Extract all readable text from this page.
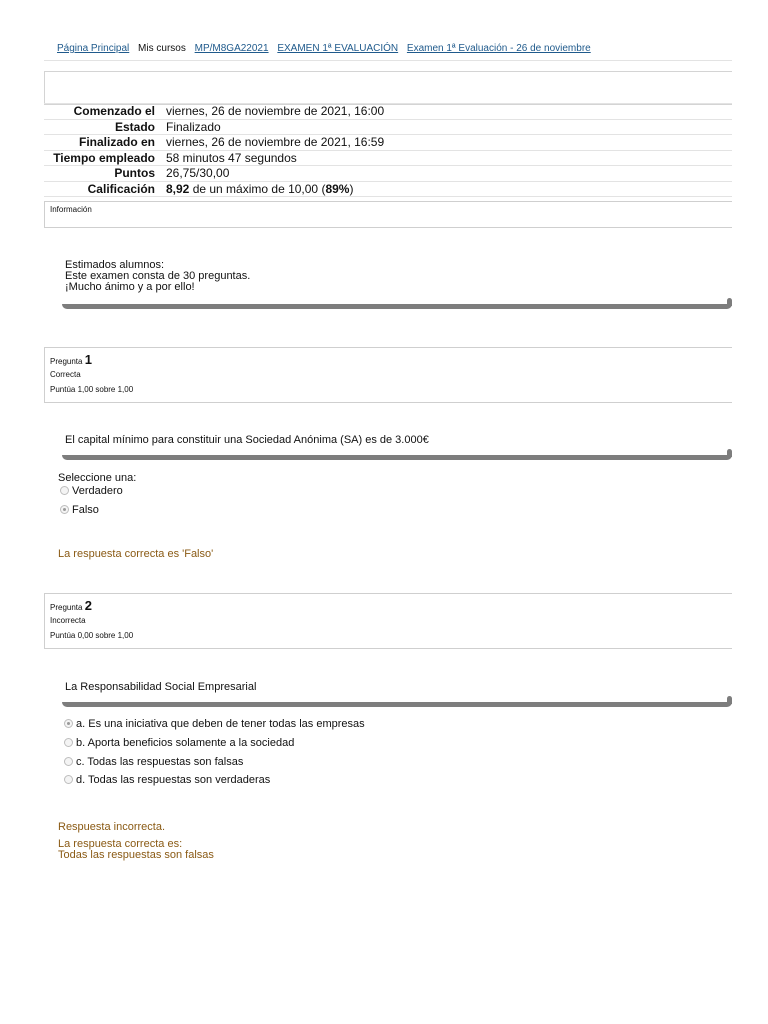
Página Principal Mis cursos MP/M8GA22021 EXAMEN 1ª EVALUACIÓN Examen 1ª Evaluación - 26 de noviembre
Comenzado el viernes, 26 de noviembre de 2021, 16:00
Estado Finalizado
Finalizado en viernes, 26 de noviembre de 2021, 16:59
Tiempo empleado 58 minutos 47 segundos
Puntos 26,75/30,00
Calificación 8,92 de un máximo de 10,00 (89%)
Información
Estimados alumnos:
Este examen consta de 30 preguntas.
¡Mucho ánimo y a por ello!
Pregunta 1
Correcta
Puntúa 1,00 sobre 1,00
El capital mínimo para constituir una Sociedad Anónima (SA) es de 3.000€
Seleccione una:
Verdadero
Falso
La respuesta correcta es 'Falso'
Pregunta 2
Incorrecta
Puntúa 0,00 sobre 1,00
La Responsabilidad Social Empresarial
a. Es una iniciativa que deben de tener todas las empresas
b. Aporta beneficios solamente a la sociedad
c. Todas las respuestas son falsas
d. Todas las respuestas son verdaderas
Respuesta incorrecta.
La respuesta correcta es:
Todas las respuestas son falsas
